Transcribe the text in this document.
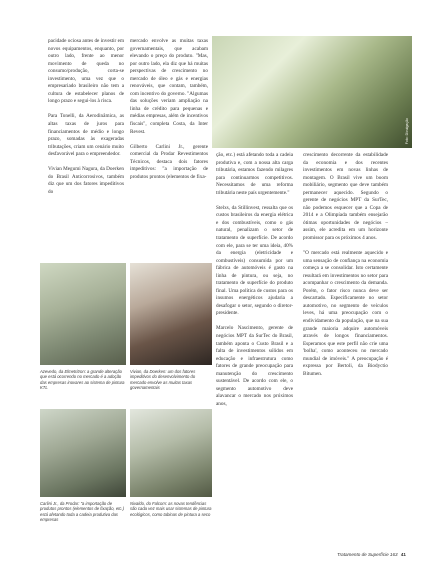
pacidade ociosa antes de investir em novos equipamentos, enquanto, por outro lado, frente ao menor movimento de queda no consumo/produção, corta-se investimento, uma vez que o empresariado brasileiro não tem a cultura de estabelecer planos de longo prazo e segui-los à risca.

Para Tonelli, da Aerodinâmica, as altas taxas de juros para financiamentos de médio e longo prazo, somadas às exageradas tributações, criam um cenário muito desfavorável para o empreendedor.

Vivian Megumi Nagura, da Doerken do Brasil Anticorrosivos, também diz que um dos fatores impeditivos do

mercado envolve as muitas taxas governamentais, que acabam elevando o preço do produto. "Mas, por outro lado, ela diz que há muitas perspectivas de crescimento no mercado de óleo e gás e energias renováveis, que contam, também, com incentivo do governo. "Algumas das soluções veriam ampliação na linha de crédito para pequenas e médias empresas, além de incentivos fiscais", completa Costa, da Inter Revest.

Gilberto Carlini Jr., gerente comercial da Prodar Revestimentos Técnicos, destaca dois fatores impeditivos: "a importação de produtos prontos (elementos de fixa-

Foto: Divulgação

ção, etc.) está afetando toda a cadeia produtiva e, com a nossa alta carga tributária, estamos fazendo milagres para continuarmos competitivos. Necessitamos de uma reforma tributária neste país urgentemente."

Stelxs, da Stillinvest, ressalta que os custos brasileiros da energia elétrica e dos combustíveis, como o gás natural, penalizam o setor de tratamento de superfície. De acordo com ele, para se ter uma ideia, 40% da energia (eletricidade e combustíveis) consumida por um fábrica de automóveis é gasto na linha de pintura, ou seja, no tratamento de superfície do produto final. Uma política de custos para os insumos energéticos ajudaria a desafogar o setor, segundo o diretor-presidente.

Marcelo Nascimento, gerente de negócios MPT da SurTec do Brasil, também aponta o Custo Brasil e a falta de investimentos sólidos em educação e infraestrutura como fatores de grande preocupação para manutenção do crescimento sustentável. De acordo com ele, o segmento automotivo deve alavancar o mercado nos próximos anos,

crescimento decorrente da estabilidade da economia e dos recentes investimentos em novas linhas de montagem. O Brasil vive um boom mobiliário, segmento que deve também permanecer aquecido. Segundo o gerente de negócios MPT da SurTec, não podemos esquecer que a Copa de 2014 e a Olimpíada também ensejarão ótimas oportunidades de negócios – assim, ele acredita em um horizonte promissor para os próximos 4 anos.

"O mercado está realmente aquecido e uma sensação de confiança na economia começa a se consolidar. Isto certamente resultará em investimentos no setor para acompanhar o crescimento da demanda. Porém, o fator risco nunca deve ser descartado. Especificamente no setor automotivo, no segmento de veículos leves, há uma preocupação com o endividamento da população, que na sua grande maioria adquire automóveis através de longos financiamentos. Esperamos que este perfil não crie uma 'bolha', como aconteceu no mercado mundial de imóveis." A preocupação é expressa por Bertoli, da Biodyctio Bitumen.

Azevedo, da Elmetritron: a grande alteração que está ocorrendo no mercado é a adoção das empresas inovares ao sistema de pintura KTL
Vivian, da Doerken: um dos fatores impeditivos do desenvolvimento do mercado envolve as muitas taxas governamentais
Carlini Jr., da Prodar: "a importação de produtos prontos (elementos de fixação, etc.) está afetando toda a cadeia produtiva das empresas
Nivaldo, do Falcom: as novas tendências são cada vez mais usar sistemas de pintura ecológicos, como tabinas de pintura a seco
Tratamento de Superfície 163 41
